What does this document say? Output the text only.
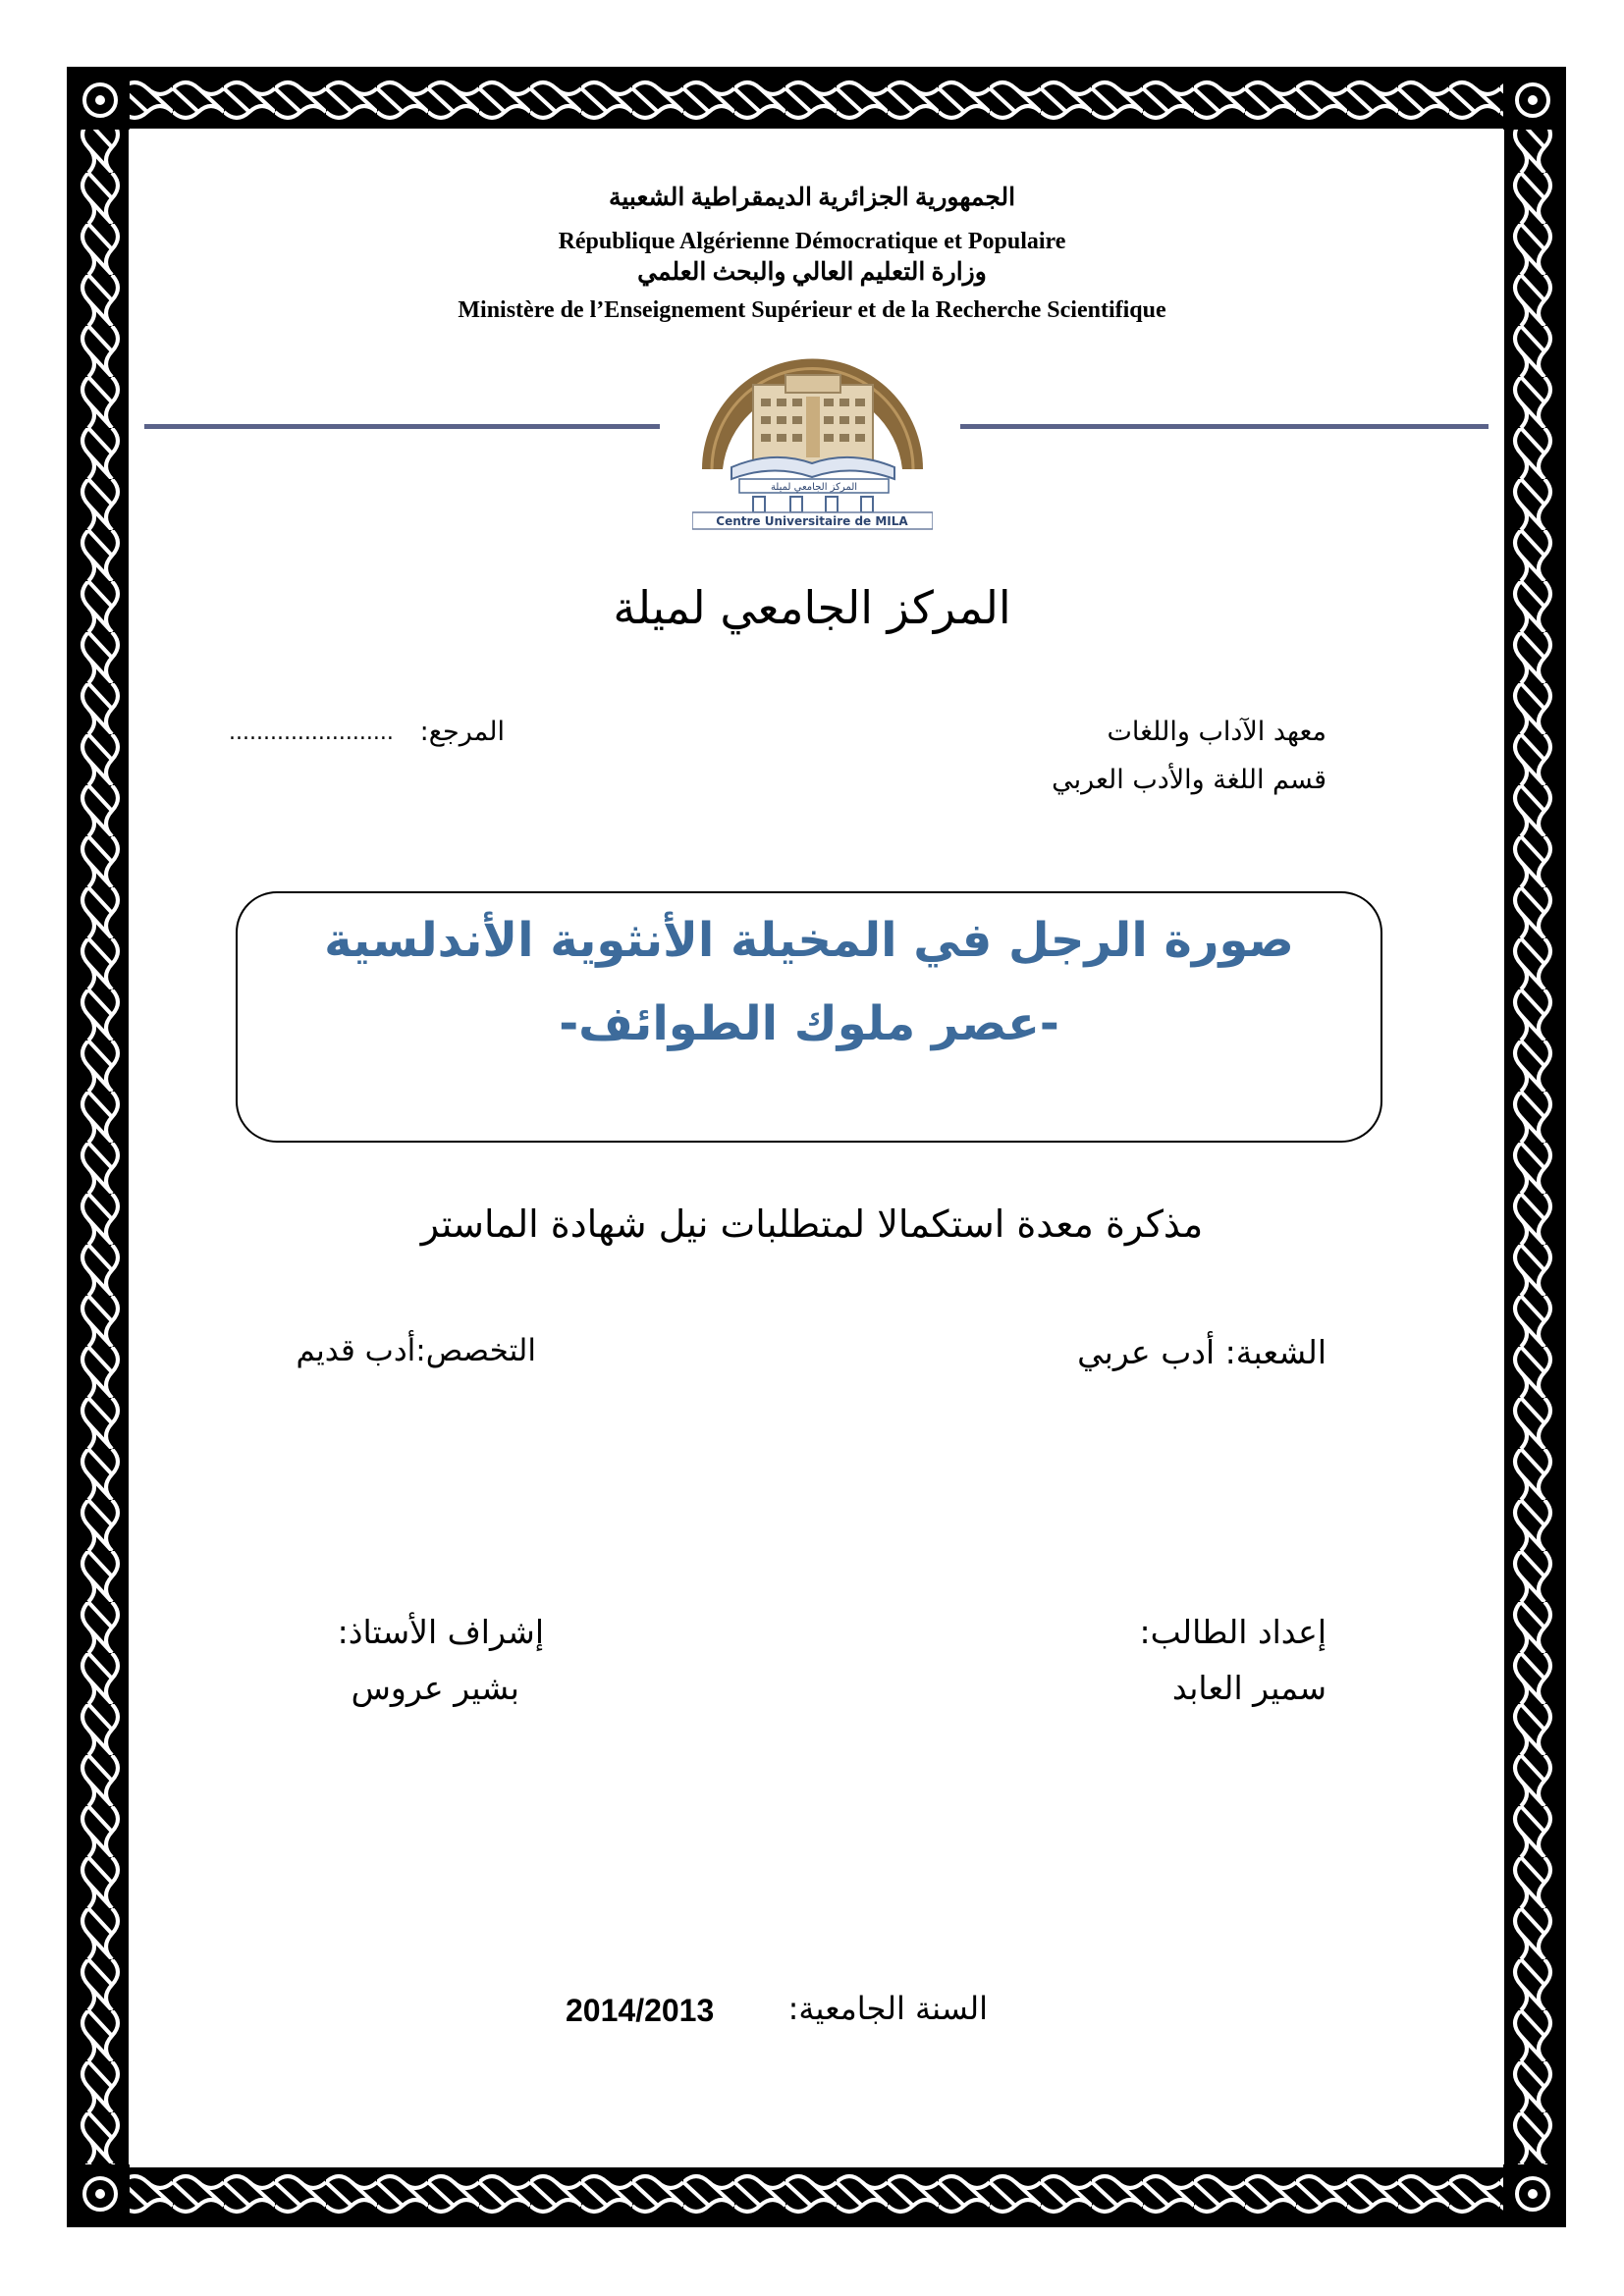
الجمهورية الجزائرية الديمقراطية الشعبية
République Algérienne Démocratique et Populaire
وزارة التعليم العالي والبحث العلمي
Ministère de l’Enseignement Supérieur et de la Recherche Scientifique
المركز الجامعي لميلة
Centre Universitaire de MILA
المركز الجامعي لميلة
معهد الآداب واللغات
قسم اللغة والأدب العربي
المرجع:
........................
صورة الرجل في المخيلة الأنثوية الأندلسية
-عصر ملوك الطوائف-
مذكرة معدة استكمالا لمتطلبات نيل شهادة الماستر
الشعبة: أدب عربي
التخصص:أدب قديم
إعداد الطالب:
سمير العابد
إشراف الأستاذ:
بشير عروس
السنة الجامعية:
2014/2013
